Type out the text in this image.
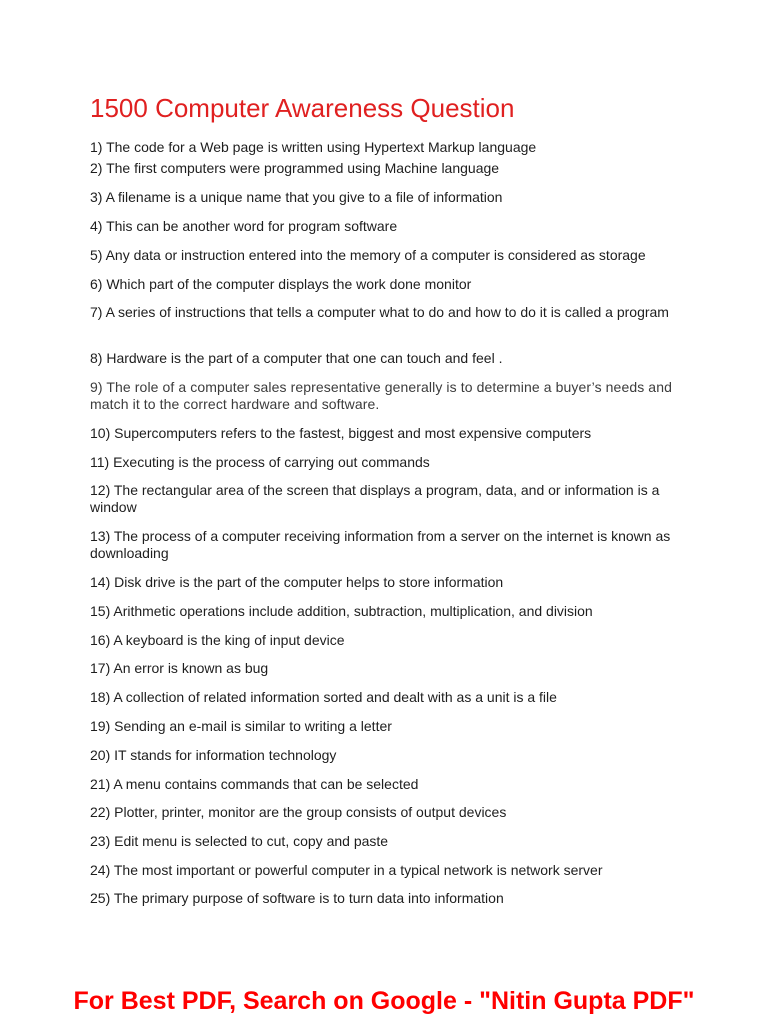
1500 Computer Awareness Question

1) The code for a Web page is written using Hypertext Markup language

2) The first computers were programmed using Machine language

3) A filename is a unique name that you give to a file of information

4) This can be another word for program software

5) Any data or instruction entered into the memory of a computer is considered as storage

6) Which part of the computer displays the work done monitor

7) A series of instructions that tells a computer what to do and how to do it is called a program

8) Hardware is the part of a computer that one can touch and feel .

9) The role of a computer sales representative generally is to determine a buyer’s needs and match it to the correct hardware and software.

10) Supercomputers refers to the fastest, biggest and most expensive computers

11) Executing is the process of carrying out commands

12) The rectangular area of the screen that displays a program, data, and or information is a window

13) The process of a computer receiving information from a server on the internet is known as downloading

14) Disk drive is the part of the computer helps to store information

15) Arithmetic operations include addition, subtraction, multiplication, and division

16) A keyboard is the king of input device

17) An error is known as bug

18) A collection of related information sorted and dealt with as a unit is a file

19) Sending an e-mail is similar to writing a letter

20) IT stands for information technology

21) A menu contains commands that can be selected

22) Plotter, printer, monitor are the group consists of output devices

23) Edit menu is selected to cut, copy and paste

24) The most important or powerful computer in a typical network is network server

25) The primary purpose of software is to turn data into information

For Best PDF, Search on Google - "Nitin Gupta PDF"
